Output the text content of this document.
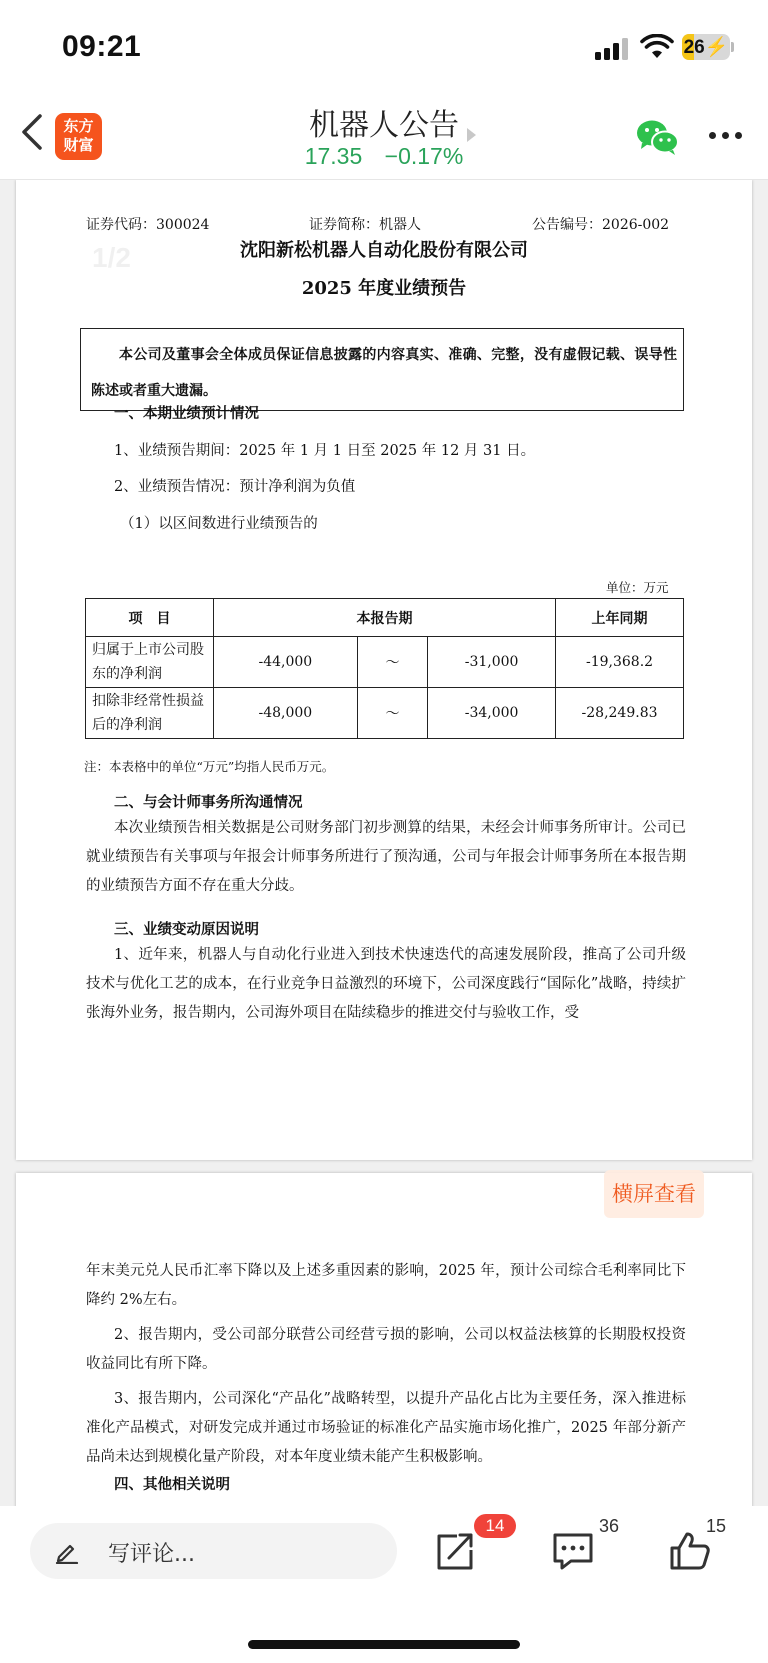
09:21	26⚡
东方
财富
机器人公告
17.35 −0.17%
证券代码：300024	证券简称：机器人	公告编号：2026-002
1/2	沈阳新松机器人自动化股份有限公司
2025 年度业绩预告
本公司及董事会全体成员保证信息披露的内容真实、准确、完整，没有虚假记载、误导性陈述或者重大遗漏。
一、本期业绩预计情况
1、业绩预告期间：2025 年 1 月 1 日至 2025 年 12 月 31 日。
2、业绩预告情况：预计净利润为负值
（1）以区间数进行业绩预告的
单位：万元
项　目	本报告期			上年同期
归属于上市公司股东的净利润	-44,000	～	-31,000	-19,368.2
扣除非经常性损益后的净利润	-48,000	～	-34,000	-28,249.83
注：本表格中的单位“万元”均指人民币万元。
二、与会计师事务所沟通情况
本次业绩预告相关数据是公司财务部门初步测算的结果，未经会计师事务所审计。公司已就业绩预告有关事项与年报会计师事务所进行了预沟通，公司与年报会计师事务所在本报告期的业绩预告方面不存在重大分歧。
三、业绩变动原因说明
1、近年来，机器人与自动化行业进入到技术快速迭代的高速发展阶段，推高了公司升级技术与优化工艺的成本，在行业竞争日益激烈的环境下，公司深度践行“国际化”战略，持续扩张海外业务，报告期内，公司海外项目在陆续稳步的推进交付与验收工作，受
年末美元兑人民币汇率下降以及上述多重因素的影响，2025 年，预计公司综合毛利率同比下降约 2%左右。
2、报告期内，受公司部分联营公司经营亏损的影响，公司以权益法核算的长期股权投资收益同比有所下降。
3、报告期内，公司深化“产品化”战略转型，以提升产品化占比为主要任务，深入推进标准化产品模式，对研发完成并通过市场验证的标准化产品实施市场化推广，2025 年部分新产品尚未达到规模化量产阶段，对本年度业绩未能产生积极影响。
四、其他相关说明
横屏查看
写评论...
14	36	15
